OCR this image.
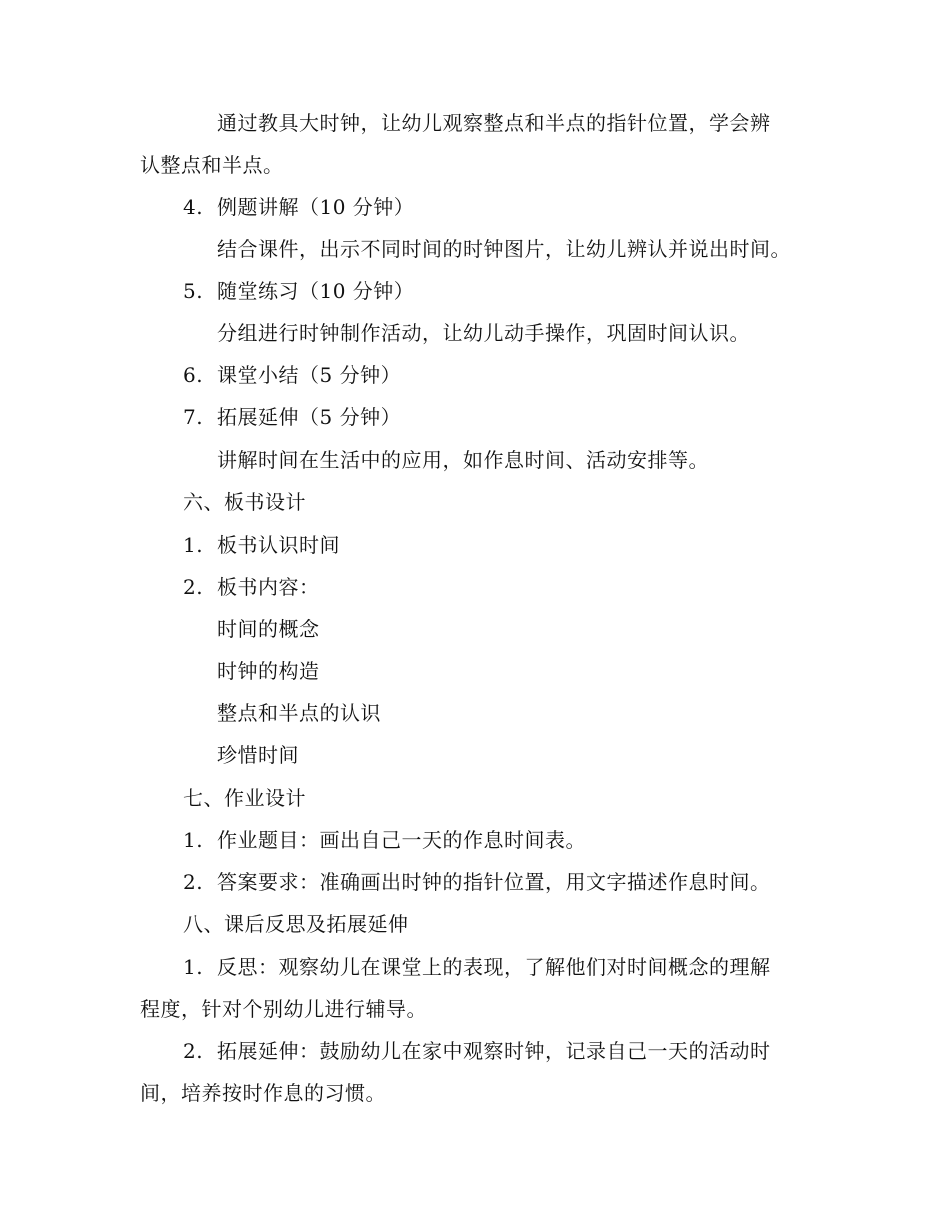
通过教具大时钟，让幼儿观察整点和半点的指针位置，学会辨
认整点和半点。
4. 例题讲解（10 分钟）
结合课件，出示不同时间的时钟图片，让幼儿辨认并说出时间。
5. 随堂练习（10 分钟）
分组进行时钟制作活动，让幼儿动手操作，巩固时间认识。
6. 课堂小结（5 分钟）
7. 拓展延伸（5 分钟）
讲解时间在生活中的应用，如作息时间、活动安排等。
六、板书设计
1. 板书认识时间
2. 板书内容：
时间的概念
时钟的构造
整点和半点的认识
珍惜时间
七、作业设计
1. 作业题目：画出自己一天的作息时间表。
2. 答案要求：准确画出时钟的指针位置，用文字描述作息时间。
八、课后反思及拓展延伸
1. 反思：观察幼儿在课堂上的表现，了解他们对时间概念的理解
程度，针对个别幼儿进行辅导。
2. 拓展延伸：鼓励幼儿在家中观察时钟，记录自己一天的活动时
间，培养按时作息的习惯。
